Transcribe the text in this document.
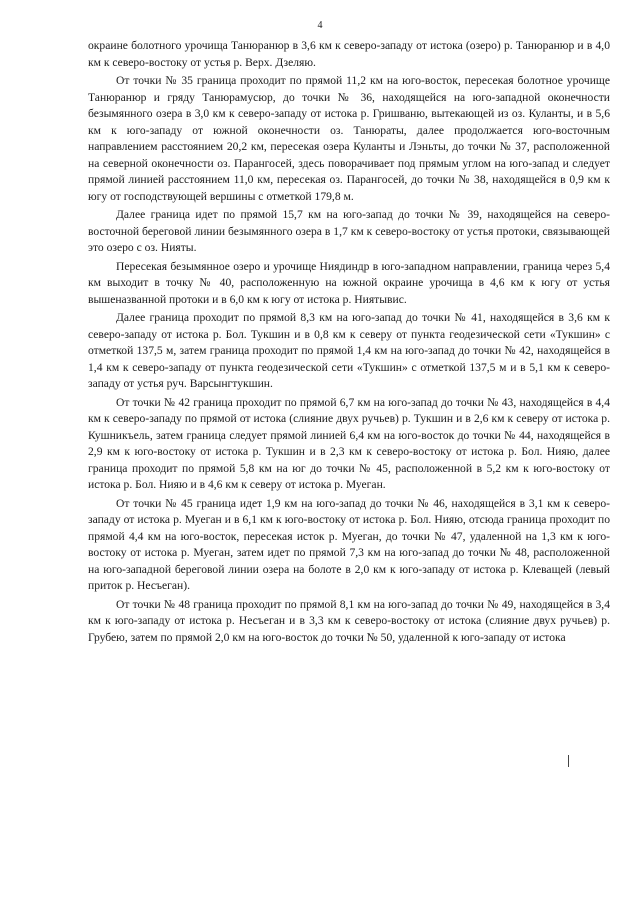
4

окраине болотного урочища Танюранюр в 3,6 км к северо-западу от истока (озеро) р. Танюранюр и в 4,0 км к северо-востоку от устья р. Верх. Дзеляю.

От точки № 35 граница проходит по прямой 11,2 км на юго-восток, пересекая болотное урочище Танюранюр и гряду Танюрамусюр, до точки № 36, находящейся на юго-западной оконечности безымянного озера в 3,0 км к северо-западу от истока р. Гришваню, вытекающей из оз. Куланты, и в 5,6 км к юго-западу от южной оконечности оз. Танюраты, далее продолжается юго-восточным направлением расстоянием 20,2 км, пересекая озера Куланты и Лэньты, до точки № 37, расположенной на северной оконечности оз. Парангосей, здесь поворачивает под прямым углом на юго-запад и следует прямой линией расстоянием 11,0 км, пересекая оз. Парангосей, до точки № 38, находящейся в 0,9 км к югу от господствующей вершины с отметкой 179,8 м.

Далее граница идет по прямой 15,7 км на юго-запад до точки № 39, находящейся на северо-восточной береговой линии безымянного озера в 1,7 км к северо-востоку от устья протоки, связывающей это озеро с оз. Нияты.

Пересекая безымянное озеро и урочище Ниядиндр в юго-западном направлении, граница через 5,4 км выходит в точку № 40, расположенную на южной окраине урочища в 4,6 км к югу от устья вышеназванной протоки и в 6,0 км к югу от истока р. Ниятывис.

Далее граница проходит по прямой 8,3 км на юго-запад до точки № 41, находящейся в 3,6 км к северо-западу от истока р. Бол. Тукшин и в 0,8 км к северу от пункта геодезической сети «Тукшин» с отметкой 137,5 м, затем граница проходит по прямой 1,4 км на юго-запад до точки № 42, находящейся в 1,4 км к северо-западу от пункта геодезической сети «Тукшин» с отметкой 137,5 м и в 5,1 км к северо-западу от устья руч. Варсынгтукшин.

От точки № 42 граница проходит по прямой 6,7 км на юго-запад до точки № 43, находящейся в 4,4 км к северо-западу по прямой от истока (слияние двух ручьев) р. Тукшин и в 2,6 км к северу от истока р. Кушникъель, затем граница следует прямой линией 6,4 км на юго-восток до точки № 44, находящейся в 2,9 км к юго-востоку от истока р. Тукшин и в 2,3 км к северо-востоку от истока р. Бол. Нияю, далее граница проходит по прямой 5,8 км на юг до точки № 45, расположенной в 5,2 км к юго-востоку от истока р. Бол. Нияю и в 4,6 км к северу от истока р. Муеган.

От точки № 45 граница идет 1,9 км на юго-запад до точки № 46, находящейся в 3,1 км к северо-западу от истока р. Муеган и в 6,1 км к юго-востоку от истока р. Бол. Нияю, отсюда граница проходит по прямой 4,4 км на юго-восток, пересекая исток р. Муеган, до точки № 47, удаленной на 1,3 км к юго-востоку от истока р. Муеган, затем идет по прямой 7,3 км на юго-запад до точки № 48, расположенной на юго-западной береговой линии озера на болоте в 2,0 км к юго-западу от истока р. Клеващей (левый приток р. Несъеган).

От точки № 48 граница проходит по прямой 8,1 км на юго-запад до точки № 49, находящейся в 3,4 км к юго-западу от истока р. Несъеган и в 3,3 км к северо-востоку от истока (слияние двух ручьев) р. Грубею, затем по прямой 2,0 км на юго-восток до точки № 50, удаленной к юго-западу от истока
